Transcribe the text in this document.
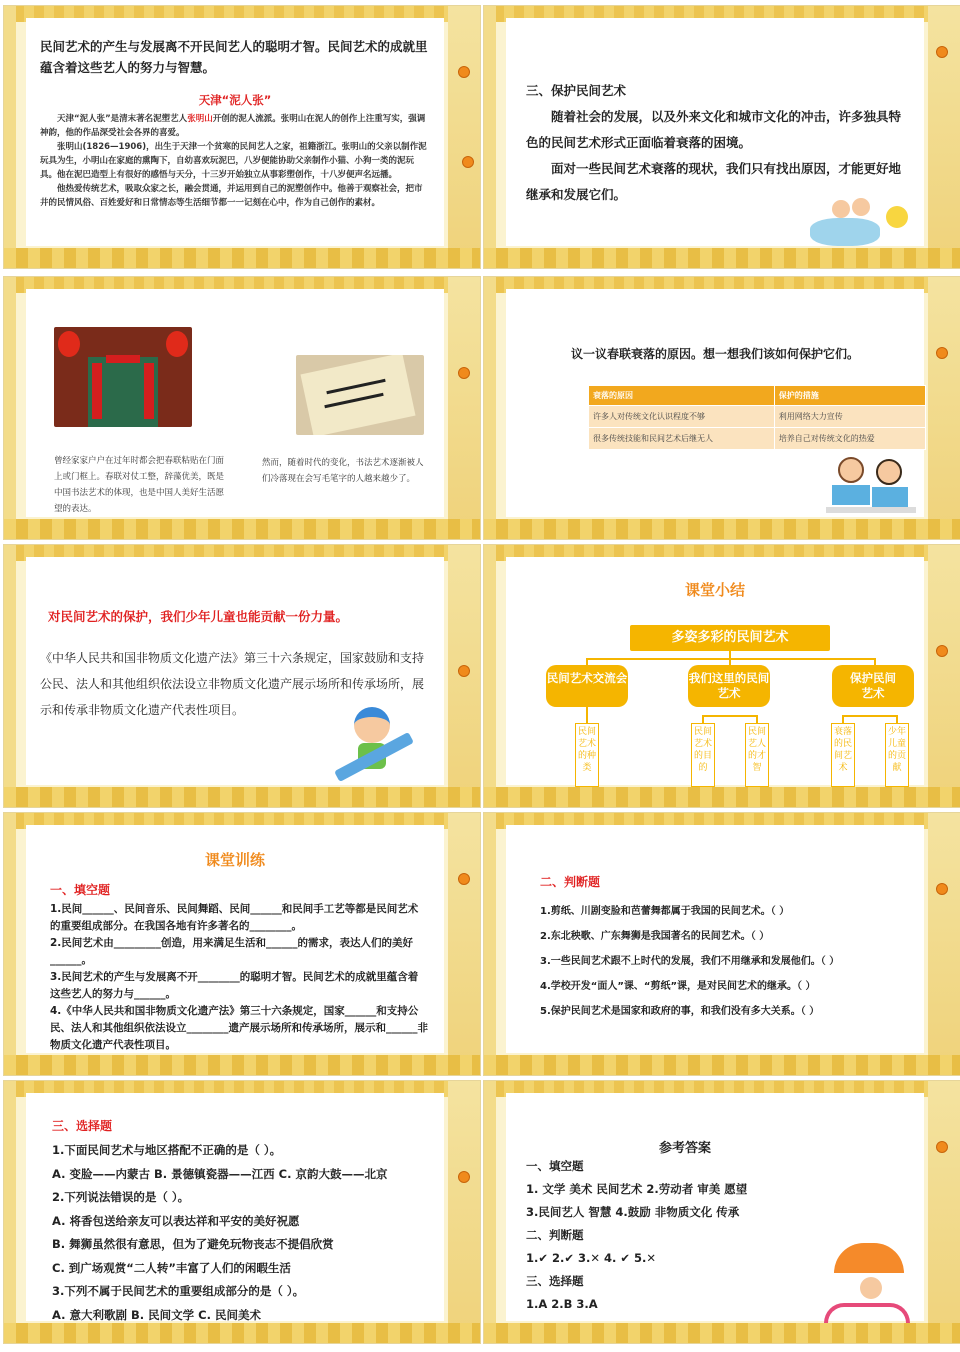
民间艺术的产生与发展离不开民间艺人的聪明才智。民间艺术的成就里蕴含着这些艺人的努力与智慧。
天津“泥人张”

天津“泥人张”是清末著名泥塑艺人张明山开创的泥人流派。张明山在泥人的创作上注重写实，强调神韵，他的作品深受社会各界的喜爱。

张明山(1826—1906)，出生于天津一个贫寒的民间艺人之家，祖籍浙江。张明山的父亲以制作泥玩具为生，小明山在家庭的熏陶下，自幼喜欢玩泥巴，八岁便能协助父亲制作小猫、小狗一类的泥玩具。他在泥巴造型上有很好的感悟与天分，十三岁开始独立从事彩塑创作，十八岁便声名远播。

他热爱传统艺术，吸取众家之长，融会贯通，并运用到自己的泥塑创作中。他善于观察社会，把市井的民情风俗、百姓爱好和日常情态等生活细节都一一记刻在心中，作为自己创作的素材。

三、保护民间艺术
随着社会的发展，以及外来文化和城市文化的冲击，许多独具特色的民间艺术形式正面临着衰落的困境。
面对一些民间艺术衰落的现状，我们只有找出原因，才能更好地继承和发展它们。
曾经家家户户在过年时都会把春联粘贴在门面上或门框上。春联对仗工整，辞藻优美，既是中国书法艺术的体现，也是中国人美好生活愿望的表达。
然而，随着时代的变化，书法艺术逐渐被人们冷落现在会写毛笔字的人越来越少了。
议一议春联衰落的原因。想一想我们该如何保护它们。
衰落的原因	保护的措施
许多人对传统文化认识程度不够	利用网络大力宣传
很多传统技能和民间艺术后继无人	培养自己对传统文化的热爱
对民间艺术的保护，我们少年儿童也能贡献一份力量。
《中华人民共和国非物质文化遗产法》第三十六条规定，国家鼓励和支持公民、法人和其他组织依法设立非物质文化遗产展示场所和传承场所，展示和传承非物质文化遗产代表性项目。
课堂小结
多姿多彩的民间艺术
民间艺术交流会	我们这里的民间艺术
保护民间艺术
民间艺术的种类
民间艺术的目的
民间艺人的才智
衰落的民间艺术
少年儿童的贡献
课堂训练
一、填空题
1.民间______、民间音乐、民间舞蹈、民间______和民间手工艺等都是民间艺术的重要组成部分。在我国各地有许多著名的________。
2.民间艺术由_________创造，用来满足生活和______的需求，表达人们的美好______。
3.民间艺术的产生与发展离不开________的聪明才智。民间艺术的成就里蕴含着这些艺人的努力与______。
4.《中华人民共和国非物质文化遗产法》第三十六条规定，国家______和支持公民、法人和其他组织依法设立________遗产展示场所和传承场所，展示和______非物质文化遗产代表性项目。
二、判断题
1.剪纸、川剧变脸和芭蕾舞都属于我国的民间艺术。（ ）
2.东北秧歌、广东舞狮是我国著名的民间艺术。（ ）
3.一些民间艺术跟不上时代的发展，我们不用继承和发展他们。（ ）
4.学校开发“面人”课、“剪纸”课，是对民间艺术的继承。（ ）
5.保护民间艺术是国家和政府的事，和我们没有多大关系。（ ）
三、选择题
1.下面民间艺术与地区搭配不正确的是（ ）。
A. 变脸——内蒙古 B. 景德镇瓷器——江西 C. 京韵大鼓——北京
2.下列说法错误的是（ ）。
A. 将香包送给亲友可以表达祥和平安的美好祝愿
B. 舞狮虽然很有意思，但为了避免玩物丧志不提倡欣赏
C. 到广场观赏“二人转”丰富了人们的闲暇生活
3.下列不属于民间艺术的重要组成部分的是（ ）。
A. 意大利歌剧 B. 民间文学 C. 民间美术
参考答案
一、填空题
1. 文学 美术 民间艺术 2.劳动者 审美 愿望
3.民间艺人 智慧 4.鼓励 非物质文化 传承
二、判断题
1.✔ 2.✔ 3.✕ 4. ✔ 5.✕
三、选择题
1.A 2.B 3.A
